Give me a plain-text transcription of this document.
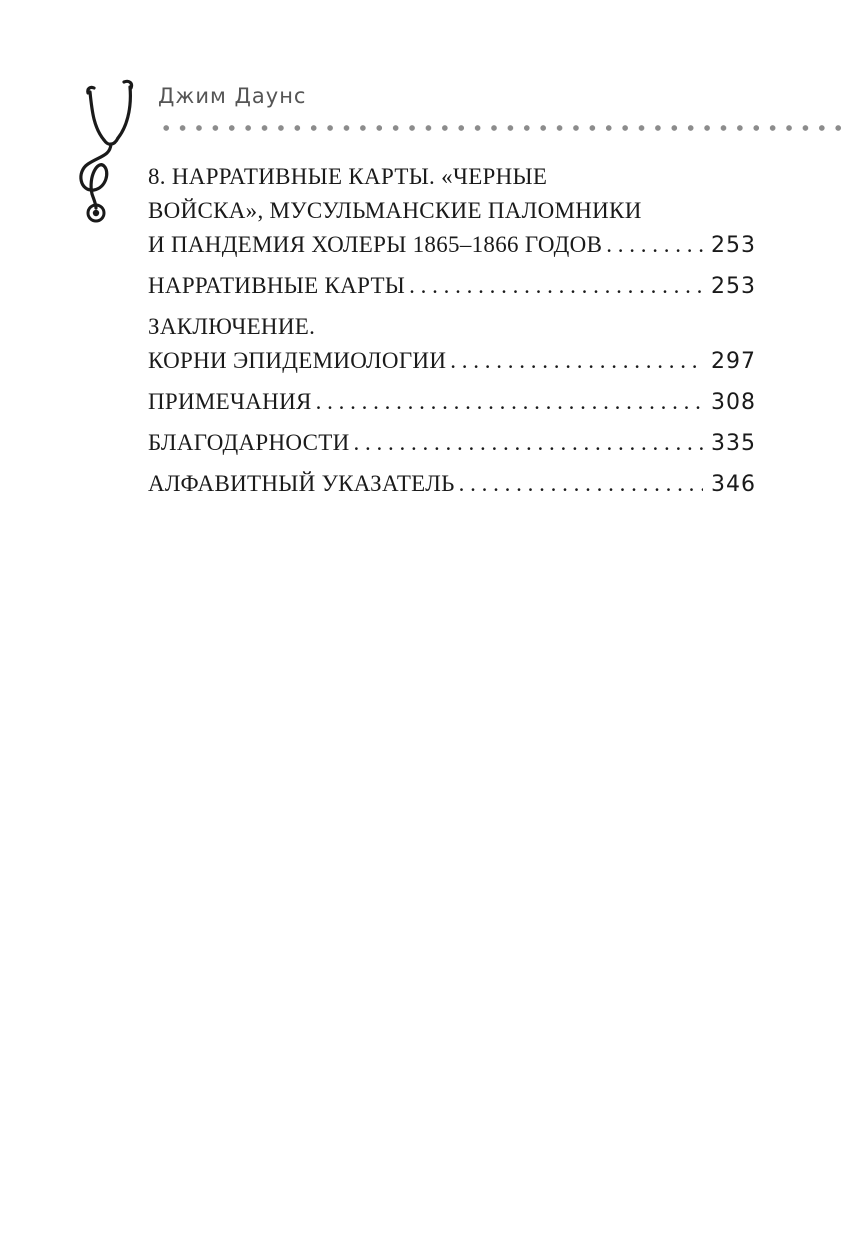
Джим Даунс
8. НАРРАТИВНЫЕ КАРТЫ. «ЧЕРНЫЕ
ВОЙСКА», МУСУЛЬМАНСКИЕ ПАЛОМНИКИ
И ПАНДЕМИЯ ХОЛЕРЫ 1865–1866 ГОДОВ . . .	253
НАРРАТИВНЫЕ КАРТЫ . . .	253
ЗАКЛЮЧЕНИЕ.
КОРНИ ЭПИДЕМИОЛОГИИ . . .	297
ПРИМЕЧАНИЯ . . .	308
БЛАГОДАРНОСТИ . . .	335
АЛФАВИТНЫЙ УКАЗАТЕЛЬ . . .	346
